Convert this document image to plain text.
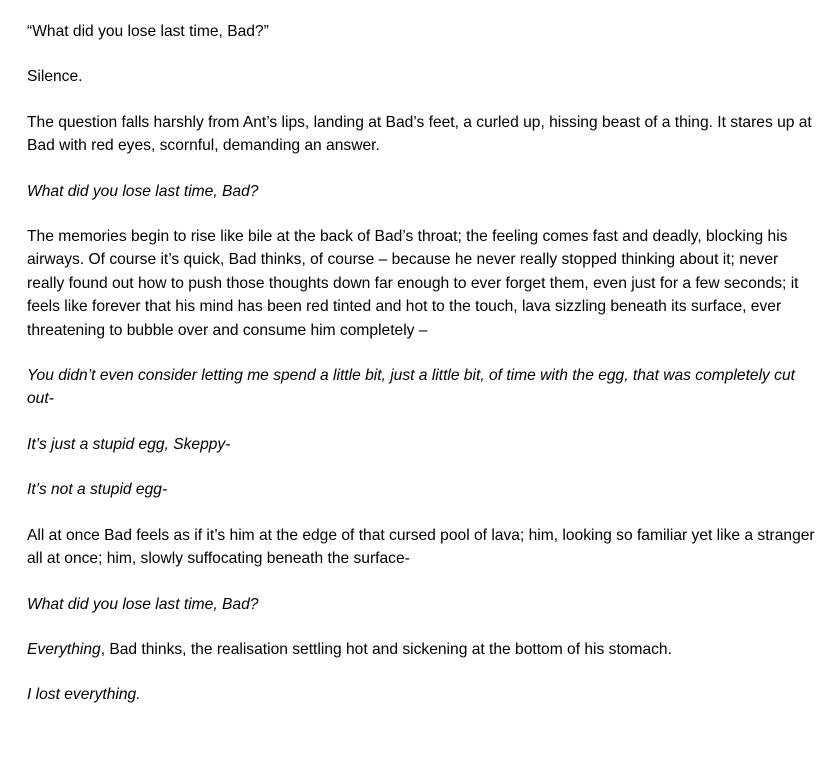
“What did you lose last time, Bad?”

Silence.

The question falls harshly from Ant’s lips, landing at Bad’s feet, a curled up, hissing beast of a thing. It stares up at Bad with red eyes, scornful, demanding an answer.

What did you lose last time, Bad?

The memories begin to rise like bile at the back of Bad’s throat; the feeling comes fast and deadly, blocking his airways. Of course it’s quick, Bad thinks, of course – because he never really stopped thinking about it; never really found out how to push those thoughts down far enough to ever forget them, even just for a few seconds; it feels like forever that his mind has been red tinted and hot to the touch, lava sizzling beneath its surface, ever threatening to bubble over and consume him completely –

You didn’t even consider letting me spend a little bit, just a little bit, of time with the egg, that was completely cut out-

It’s just a stupid egg, Skeppy-

It’s not a stupid egg-

All at once Bad feels as if it’s him at the edge of that cursed pool of lava; him, looking so familiar yet like a stranger all at once; him, slowly suffocating beneath the surface-

What did you lose last time, Bad?

Everything, Bad thinks, the realisation settling hot and sickening at the bottom of his stomach.

I lost everything.
